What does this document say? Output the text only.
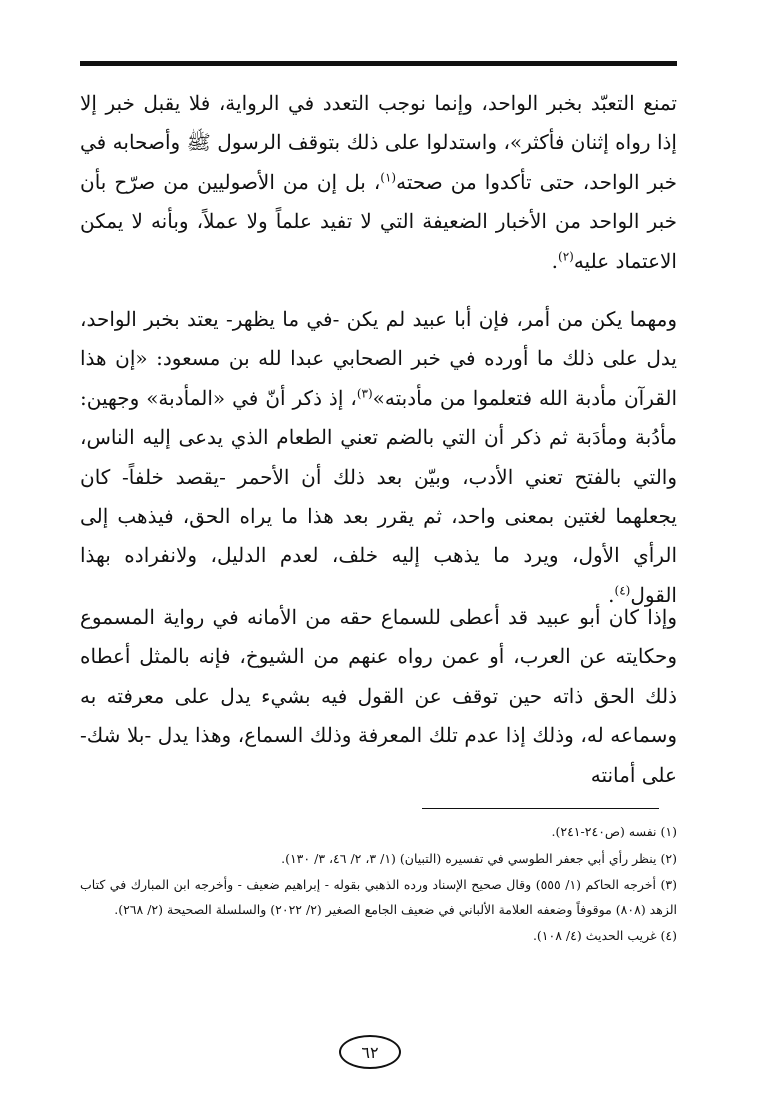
تمنع التعبّد بخبر الواحد، وإنما نوجب التعدد في الرواية، فلا يقبل خبر إلا إذا رواه إثنان فأكثر»، واستدلوا على ذلك بتوقف الرسول ﷺ وأصحابه في خبر الواحد، حتى تأكدوا من صحته$^{(١)}$، بل إن من الأصوليين من صرّح بأن خبر الواحد من الأخبار الضعيفة التي لا تفيد علماً ولا عملاً، وبأنه لا يمكن الاعتماد عليه$^{(٢)}$.

ومهما يكن من أمر، فإن أبا عبيد لم يكن -في ما يظهر- يعتد بخبر الواحد، يدل على ذلك ما أورده في خبر الصحابي عبدا لله بن مسعود: «إن هذا القرآن مأدبة الله فتعلموا من مأدبته»$^{(٣)}$، إذ ذكر أنّ في «المأدبة» وجهين: مأدُبة ومأدَبة ثم ذكر أن التي بالضم تعني الطعام الذي يدعى إليه الناس، والتي بالفتح تعني الأدب، وبيّن بعد ذلك أن الأحمر -يقصد خلفاً- كان يجعلهما لغتين بمعنى واحد، ثم يقرر بعد هذا ما يراه الحق، فيذهب إلى الرأي الأول، ويرد ما يذهب إليه خلف، لعدم الدليل، ولانفراده بهذا القول$^{(٤)}$.

وإذا كان أبو عبيد قد أعطى للسماع حقه من الأمانه في رواية المسموع وحكايته عن العرب، أو عمن رواه عنهم من الشيوخ، فإنه بالمثل أعطاه ذلك الحق ذاته حين توقف عن القول فيه بشيء يدل على معرفته به وسماعه له، وذلك إذا عدم تلك المعرفة وذلك السماع، وهذا يدل -بلا شك- على أمانته

(١) نفسه (ص٢٤٠-٢٤١).

(٢) ينظر رأي أبي جعفر الطوسي في تفسيره (التبيان) (١/ ٣، ٢/ ٤٦، ٣/ ١٣٠).

(٣) أخرجه الحاكم (١/ ٥٥٥) وقال صحيح الإسناد ورده الذهبي بقوله - إبراهيم ضعيف - وأخرجه ابن المبارك في كتاب الزهد (٨٠٨) موقوفاً وضعفه العلامة الألباني في ضعيف الجامع الصغير (٢/ ٢٠٢٢) والسلسلة الصحيحة (٢/ ٢٦٨).

(٤) غريب الحديث (٤/ ١٠٨).

٦٢
